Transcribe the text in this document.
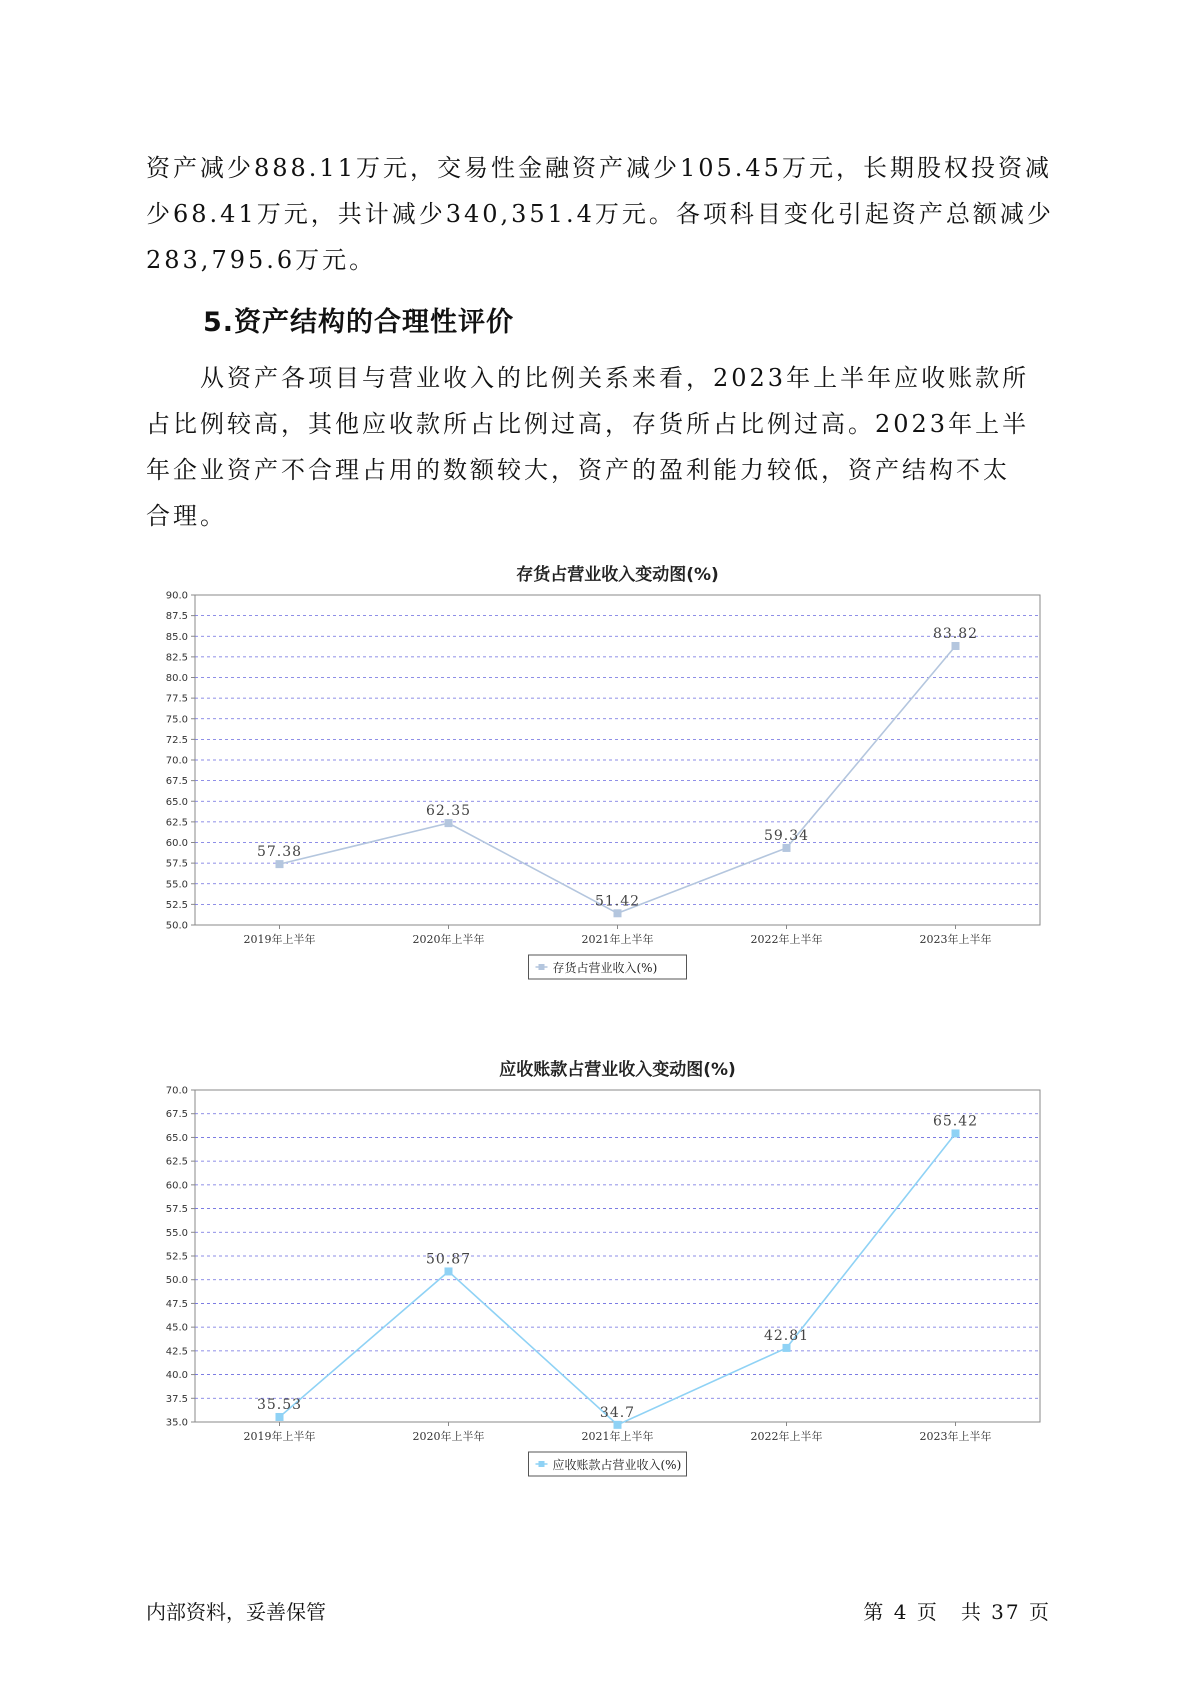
资产减少888.11万元，交易性金融资产减少105.45万元，长期股权投资减
少68.41万元，共计减少340,351.4万元。各项科目变化引起资产总额减少
283,795.6万元。
5.资产结构的合理性评价
　　从资产各项目与营业收入的比例关系来看，2023年上半年应收账款所
占比例较高，其他应收款所占比例过高，存货所占比例过高。2023年上半
年企业资产不合理占用的数额较大，资产的盈利能力较低，资产结构不太
合理。
存货占营业收入变动图(%)
50.0
52.5
55.0
57.5
60.0
62.5
65.0
67.5
70.0
72.5
75.0
77.5
80.0
82.5
85.0
87.5
90.0
2019年上半年	2020年上半年	2021年上半年	2022年上半年	2023年上半年
57.38
62.35
51.42
59.34
83.82
存货占营业收入(%)
应收账款占营业收入变动图(%)
35.0
37.5
40.0
42.5
45.0
47.5
50.0
52.5
55.0
57.5
60.0
62.5
65.0
67.5
70.0
2019年上半年	2020年上半年	2021年上半年	2022年上半年	2023年上半年
35.53
50.87
34.7
42.81
65.42
应收账款占营业收入(%)
内部资料，妥善保管	第 4 页　共 37 页
